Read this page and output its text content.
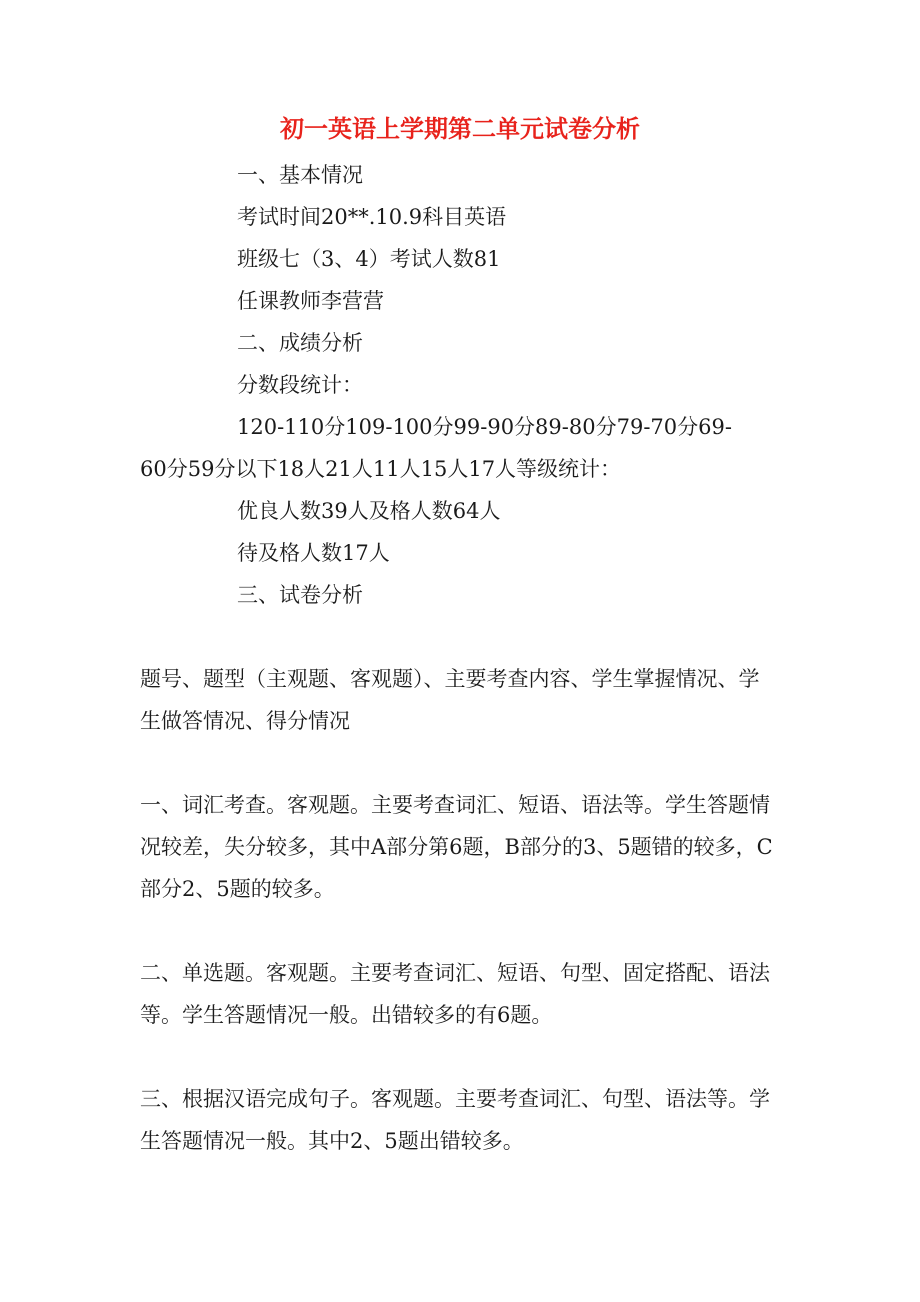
初一英语上学期第二单元试卷分析
一、基本情况
考试时间20**.10.9科目英语
班级七（3、4）考试人数81
任课教师李营营
二、成绩分析
分数段统计：
120-110分109-100分99-90分89-80分79-70分69-
60分59分以下18人21人11人15人17人等级统计：
优良人数39人及格人数64人
待及格人数17人
三、试卷分析
题号、题型（主观题、客观题）、主要考查内容、学生掌握情况、学生做答情况、得分情况
一、词汇考查。客观题。主要考查词汇、短语、语法等。学生答题情况较差，失分较多，其中A部分第6题，B部分的3、5题错的较多，C部分2、5题的较多。
二、单选题。客观题。主要考查词汇、短语、句型、固定搭配、语法等。学生答题情况一般。出错较多的有6题。
三、根据汉语完成句子。客观题。主要考查词汇、句型、语法等。学生答题情况一般。其中2、5题出错较多。
